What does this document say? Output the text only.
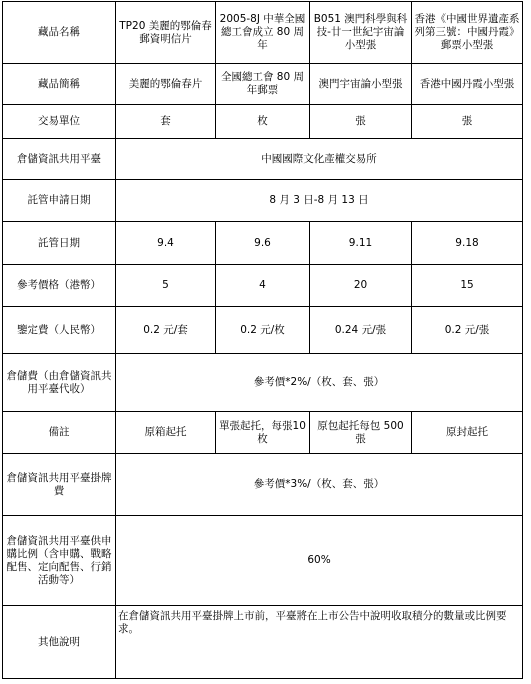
藏品名稱	TP20 美麗的鄂倫春郵資明信片	2005-8J 中華全國總工會成立 80 周年	B051 澳門科學與科技-廿一世紀宇宙論小型張	香港《中國世界遺產系列第三號：中國丹霞》郵票小型張
藏品簡稱	美麗的鄂倫春片	全國總工會 80 周年郵票	澳門宇宙論小型張	香港中國丹霞小型張
交易單位	套	枚	張	張
倉儲資訊共用平臺	中國國際文化產權交易所			
託管申請日期	8 月 3 日-8 月 13 日			
託管日期	9.4	9.6	9.11	9.18
參考價格（港幣）	5	4	20	15
鑒定費（人民幣）	0.2 元/套	0.2 元/枚	0.24 元/張	0.2 元/張
倉儲費（由倉儲資訊共用平臺代收）	參考價*2%/（枚、套、張）			
備註	原箱起托	單張起托，每張10 枚	原包起托每包 500 張	原封起托
倉儲資訊共用平臺掛牌費	參考價*3%/（枚、套、張）			
倉儲資訊共用平臺供申購比例（含申購、戰略配售、定向配售、行銷活動等）	60%			
其他說明	在倉儲資訊共用平臺掛牌上市前，平臺將在上市公告中說明收取積分的數量或比例要求。			
